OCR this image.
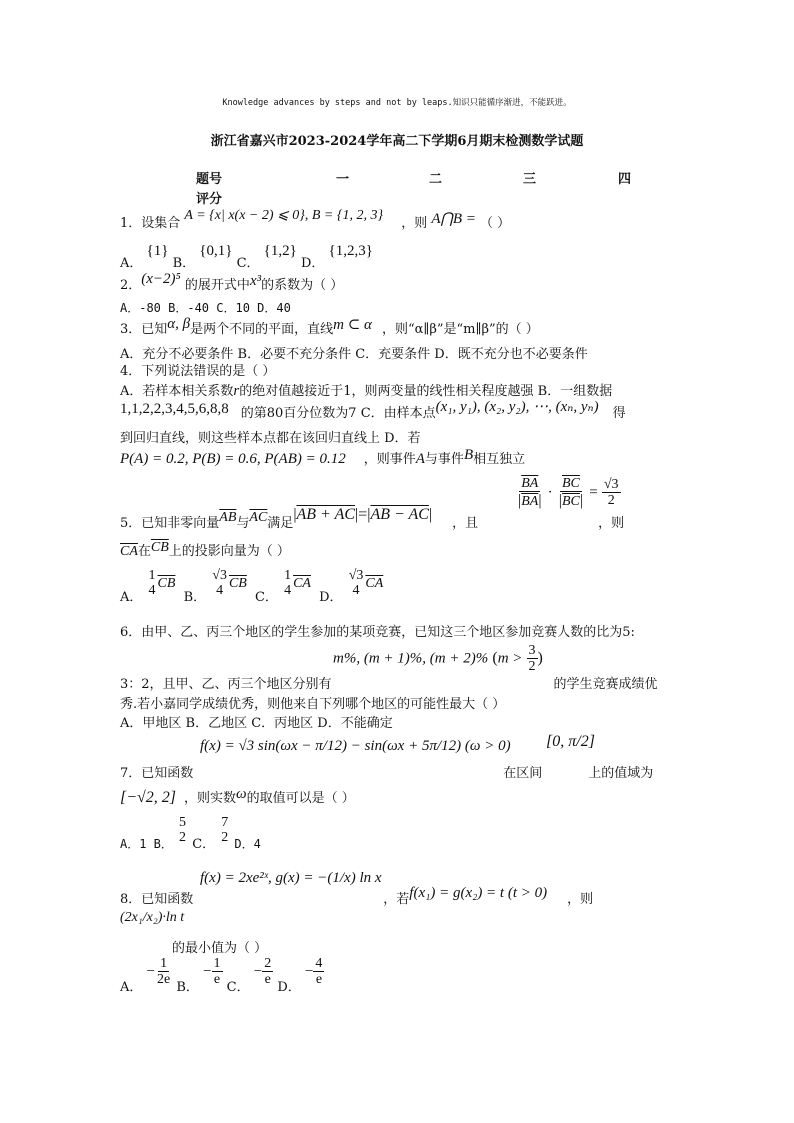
Knowledge advances by steps and not by leaps.知识只能循序渐进，不能跃进。
浙江省嘉兴市2023-2024学年高二下学期6月期末检测数学试题
题号	一	二	三	四
评分
1．设集合 A = {x| x(x − 2) ⩽ 0}, B = {1, 2, 3} ，则 A⋂B = （ ）
A． {1} B． {0,1} C． {1,2} D． {1,2,3}
2．(x−2)⁵ 的展开式中x³的系数为（ ）
A．-80 B．-40 C．10 D．40
3．已知α, β是两个不同的平面，直线m ⊂ α ，则“α∥β”是“m∥β”的（ ）
A．充分不必要条件 B．必要不充分条件 C．充要条件 D．既不充分也不必要条件
4．下列说法错误的是（ ）
A．若样本相关系数r的绝对值越接近于1，则两变量的线性相关程度越强 B．一组数据
1,1,2,2,3,4,5,6,8,8 的第80百分位数为7 C．由样本点(x₁, y₁), (x₂, y₂), ⋯, (xₙ, yₙ) 得
到回归直线，则这些样本点都在该回归直线上 D．若
P(A) = 0.2, P(B) = 0.6, P(AB) = 0.12 ，则事件A与事件B相互独立
$\frac{\overline{BA}}{|\overline{BA}|} \cdot \frac{\overline{BC}}{|\overline{BC}|} = \frac{√3}{2}$
5．已知非零向量$\overline{AB}$与$\overline{AC}$满足|AB + AC|=|AB − AC|，且	，则
$\overline{CA}$在$\overline{CB}$上的投影向量为（ ）
A．
1
4 $\overline{CB}$ B．
√3
4 $\overline{CB}$ C．
1
4 $\overline{CA}$ D．
√3
4 $\overline{CA}$
6．由甲、乙、丙三个地区的学生参加的某项竞赛，已知这三个地区参加竞赛人数的比为5:
m%, (m + 1)%, (m + 2)% ($m > \frac{3}{2}$ )
3：2，且甲、乙、丙三个地区分别有	的学生竞赛成绩优
秀.若小嘉同学成绩优秀，则他来自下列哪个地区的可能性最大（ ）
A．甲地区 B．乙地区 C．丙地区 D．不能确定
f(x) = √3 sin(ωx − π/12) − sin(ωx + 5π/12) (ω > 0) [0, π/2]
7．已知函数	在区间	上的值域为
[−√2, 2] ，则实数ω的取值可以是（ ）
A．1 B．
5
2 C．
7
2 D．4
f(x) = 2xe²ˣ, g(x) = −(1/x) ln x
8．已知函数	，若f(x₁) = g(x₂) = t (t > 0) ，则
(2x₁/x₂)·ln t
的最小值为（ ）
A． − $\frac{1}{2e}$
B． − $\frac{1}{e}$
C． − $\frac{2}{e}$
D． − $\frac{4}{e}$
